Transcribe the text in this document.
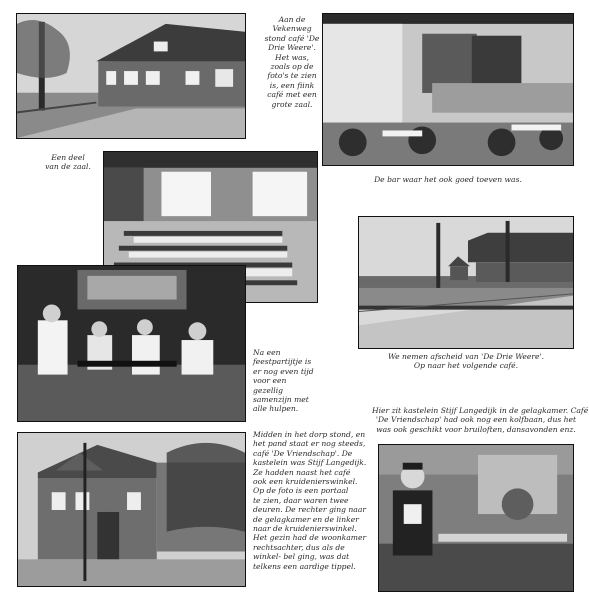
Aan de
Vekenweg
stond café 'De
Drie Weere'.
Het was,
zoals op de
foto's te zien
is, een fiink
café met een
grote zaal.
De bar waar het ook goed toeven was.
Een deel
van de zaal.
We nemen afscheid van 'De Drie Weere'.
Op naar het volgende café.
Na een
feestpartijtje is
er nog even tijd
voor een
gezellig
samenzijn met
alle hulpen.
Midden in het dorp stond, en
het pand staat er nog steeds,
café 'De Vriendschap'. De
kastelein was Stijf Langedijk.
Ze hadden naast het café
ook een kruidenierswinkel.
Op de foto is een portaal
te zien, daar waren twee
deuren. De rechter ging naar
de gelagkamer en de linker
naar de kruidenierswinkel.
Het gezin had de woonkamer
rechtsachter, dus als de
winkel- bel ging, was dat
telkens een aardige tippel.
Hier zit kastelein Stijf Langedijk in de gelagkamer. Café
'De Vriendschap' had ook nog een kolfbaan, dus het
was ook geschikt voor bruiloften, dansavonden enz.
